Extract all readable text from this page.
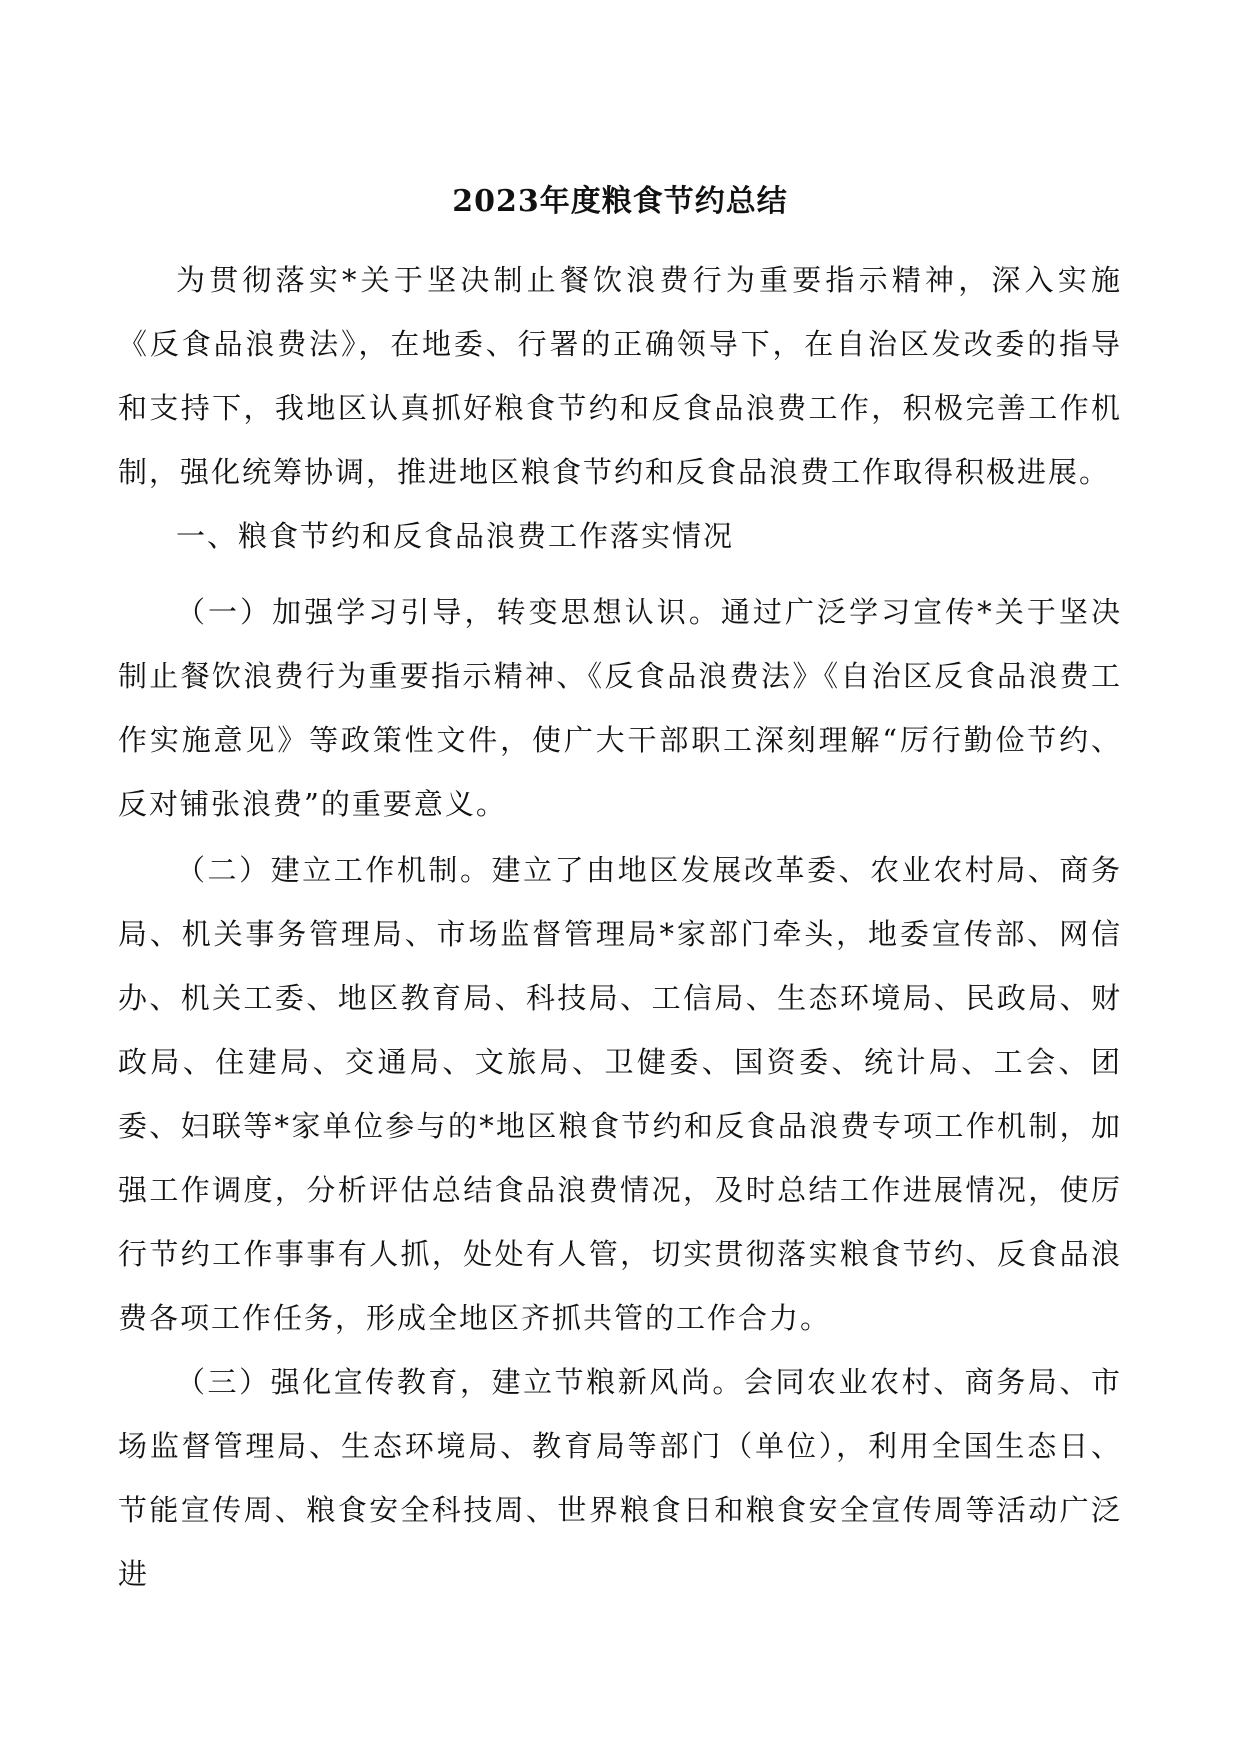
2023年度粮食节约总结
为贯彻落实*关于坚决制止餐饮浪费行为重要指示精神，深入实施《反食品浪费法》，在地委、行署的正确领导下，在自治区发改委的指导和支持下，我地区认真抓好粮食节约和反食品浪费工作，积极完善工作机制，强化统筹协调，推进地区粮食节约和反食品浪费工作取得积极进展。
一、粮食节约和反食品浪费工作落实情况
（一）加强学习引导，转变思想认识。通过广泛学习宣传*关于坚决制止餐饮浪费行为重要指示精神、《反食品浪费法》《自治区反食品浪费工作实施意见》等政策性文件，使广大干部职工深刻理解“厉行勤俭节约、反对铺张浪费”的重要意义。
（二）建立工作机制。建立了由地区发展改革委、农业农村局、商务局、机关事务管理局、市场监督管理局*家部门牵头，地委宣传部、网信办、机关工委、地区教育局、科技局、工信局、生态环境局、民政局、财政局、住建局、交通局、文旅局、卫健委、国资委、统计局、工会、团委、妇联等*家单位参与的*地区粮食节约和反食品浪费专项工作机制，加强工作调度，分析评估总结食品浪费情况，及时总结工作进展情况，使厉行节约工作事事有人抓，处处有人管，切实贯彻落实粮食节约、反食品浪费各项工作任务，形成全地区齐抓共管的工作合力。
（三）强化宣传教育，建立节粮新风尚。会同农业农村、商务局、市场监督管理局、生态环境局、教育局等部门（单位），利用全国生态日、节能宣传周、粮食安全科技周、世界粮食日和粮食安全宣传周等活动广泛进
